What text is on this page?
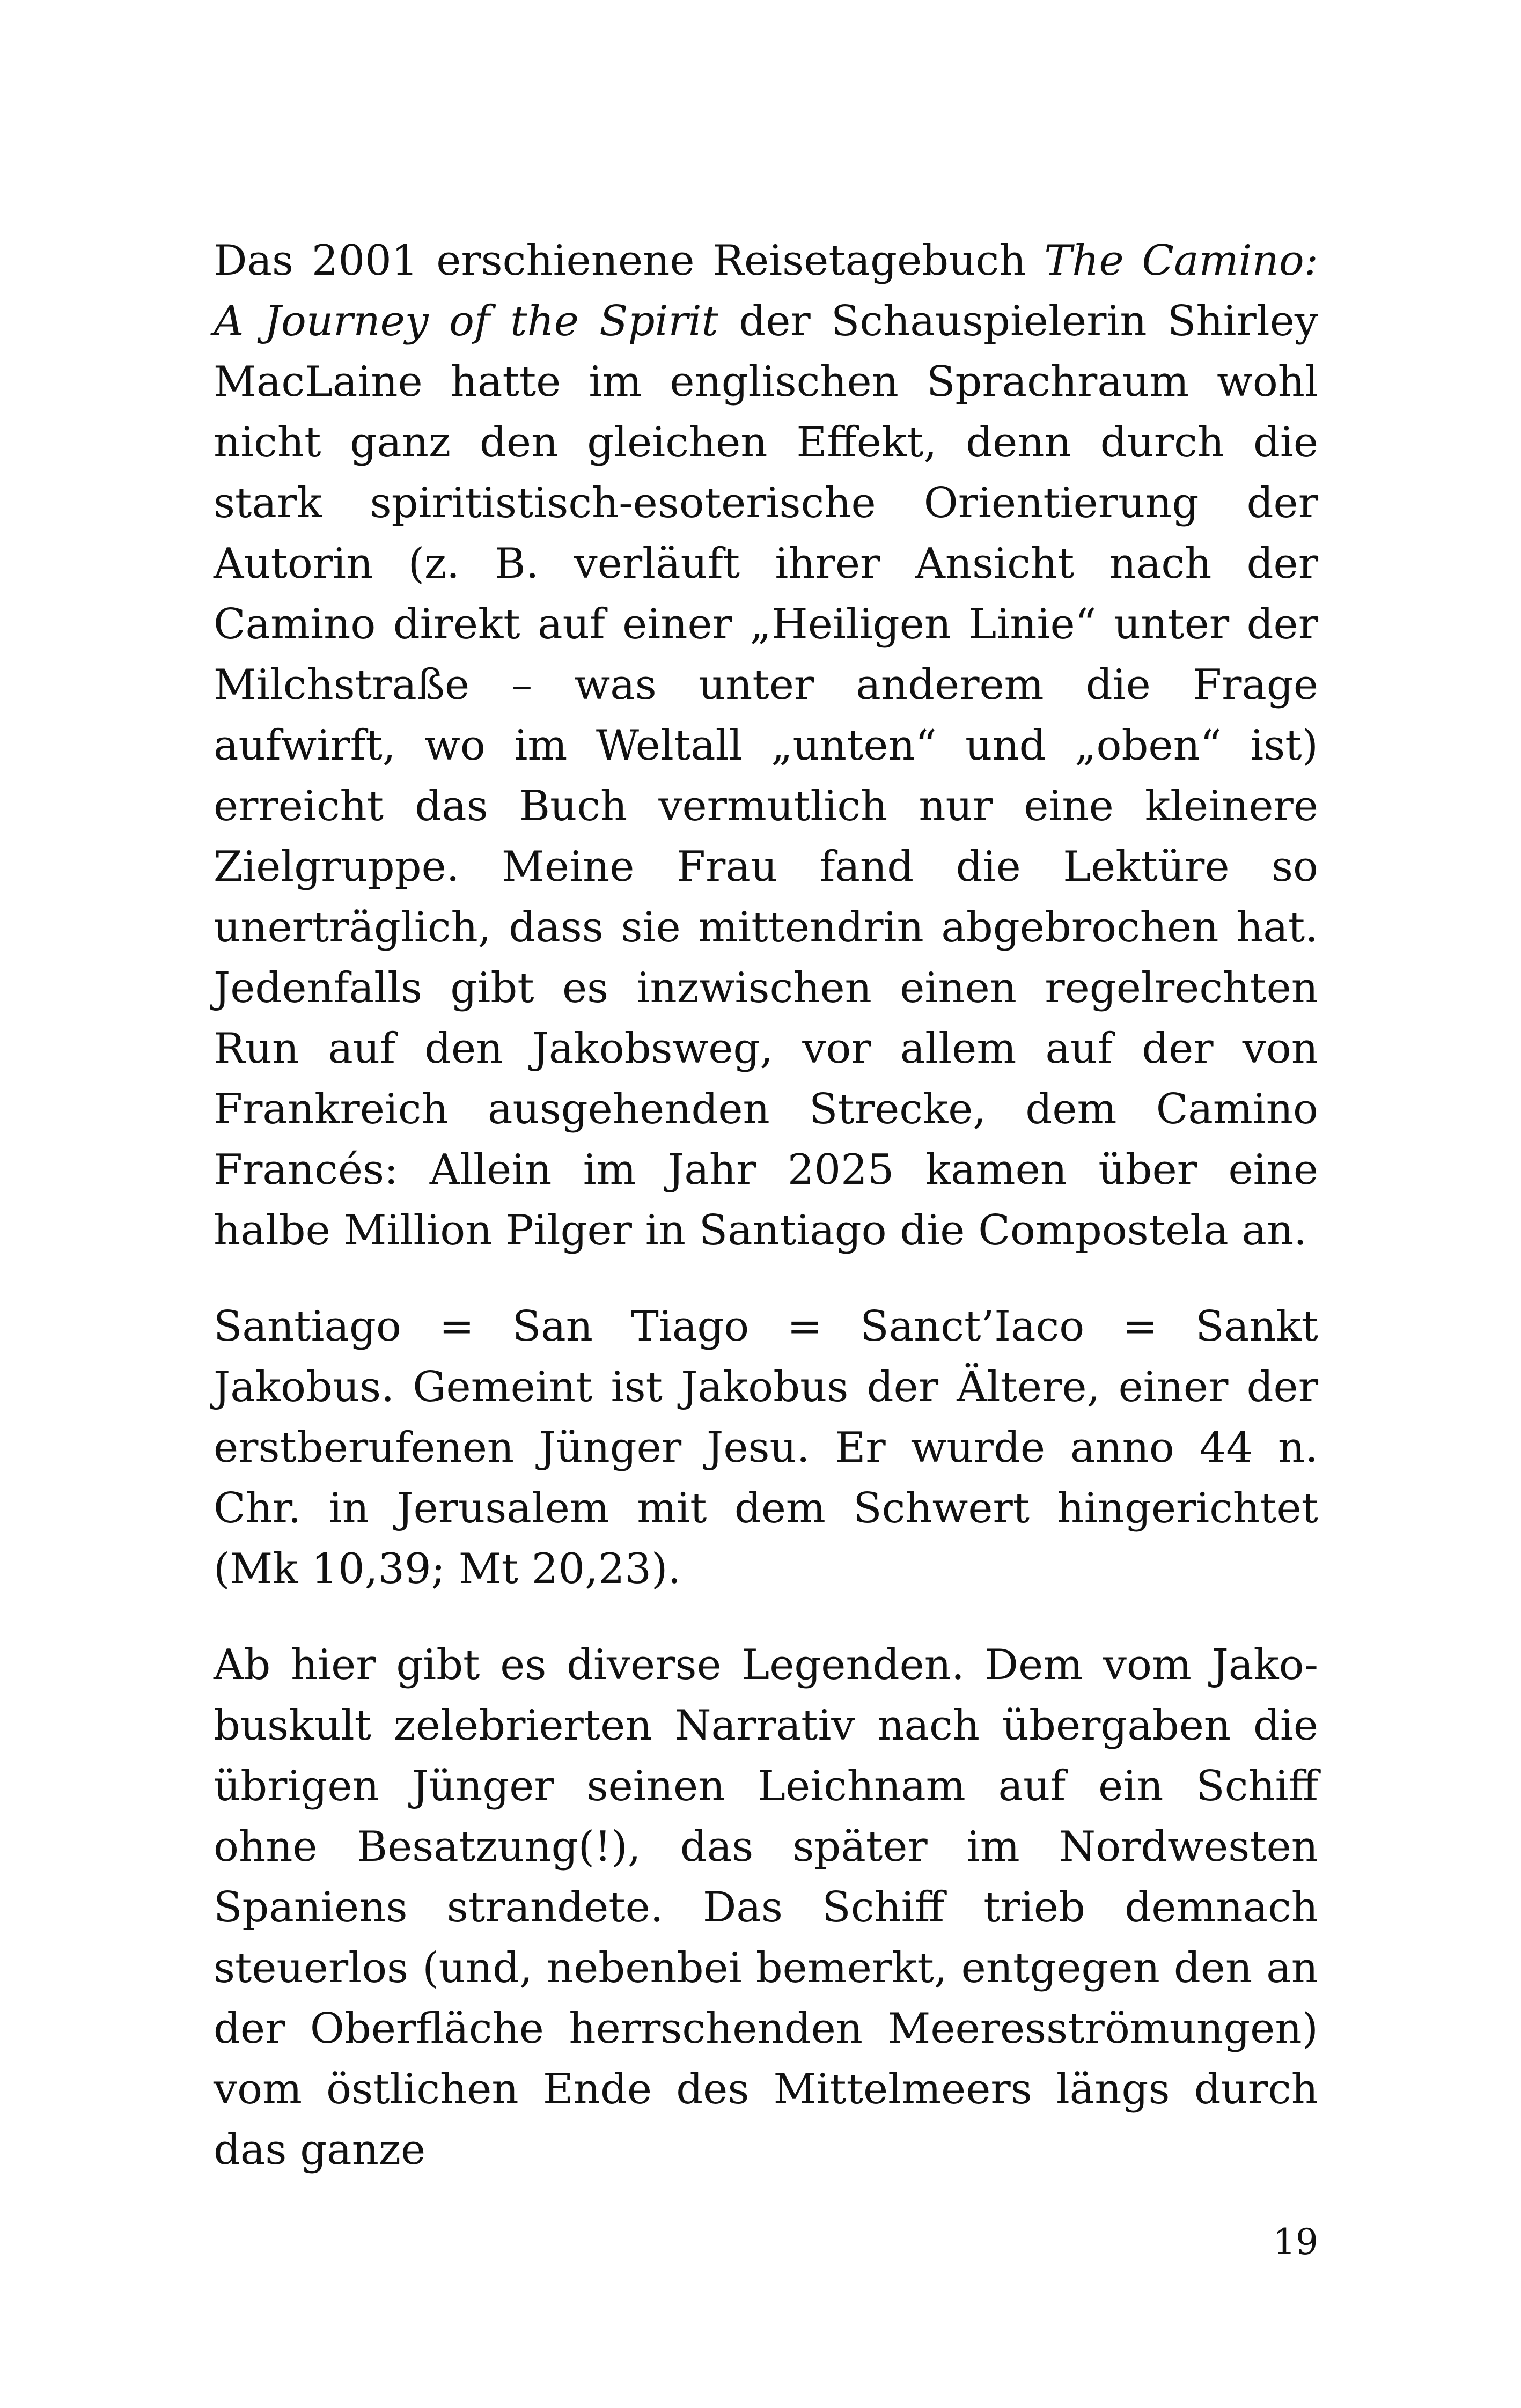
Das 2001 erschienene Reisetagebuch The Camino: A Journey of the Spirit der Schauspielerin Shirley MacLaine hatte im englischen Sprachraum wohl nicht ganz den gleichen Effekt, denn durch die stark spiritistisch-esoterische Orientierung der Autorin (z. B. verläuft ihrer Ansicht nach der Camino direkt auf einer „Heiligen Linie“ unter der Milchstraße – was unter anderem die Frage aufwirft, wo im Weltall „unten“ und „oben“ ist) erreicht das Buch vermutlich nur eine kleinere Zielgruppe. Meine Frau fand die Lektüre so unerträglich, dass sie mittendrin abgebrochen hat. Jedenfalls gibt es inzwischen einen regelrechten Run auf den Jakobsweg, vor allem auf der von Frankreich ausgehenden Strecke, dem Camino Francés: Allein im Jahr 2025 kamen über eine halbe Million Pilger in Santiago die Compostela an.

Santiago = San Tiago = Sanct’Iaco = Sankt Jakobus. Gemeint ist Jakobus der Ältere, einer der erstberufenen Jünger Jesu. Er wurde anno 44 n. Chr. in Jerusalem mit dem Schwert hingerichtet (Mk 10,39; Mt 20,23).

Ab hier gibt es diverse Legenden. Dem vom Jakobuskult zelebrierten Narrativ nach übergaben die übrigen Jünger seinen Leichnam auf ein Schiff ohne Besatzung(!), das später im Nordwesten Spaniens strandete. Das Schiff trieb demnach steuerlos (und, nebenbei bemerkt, entgegen den an der Oberfläche herrschenden Meeresströmungen) vom östlichen Ende des Mittelmeers längs durch das ganze

19
